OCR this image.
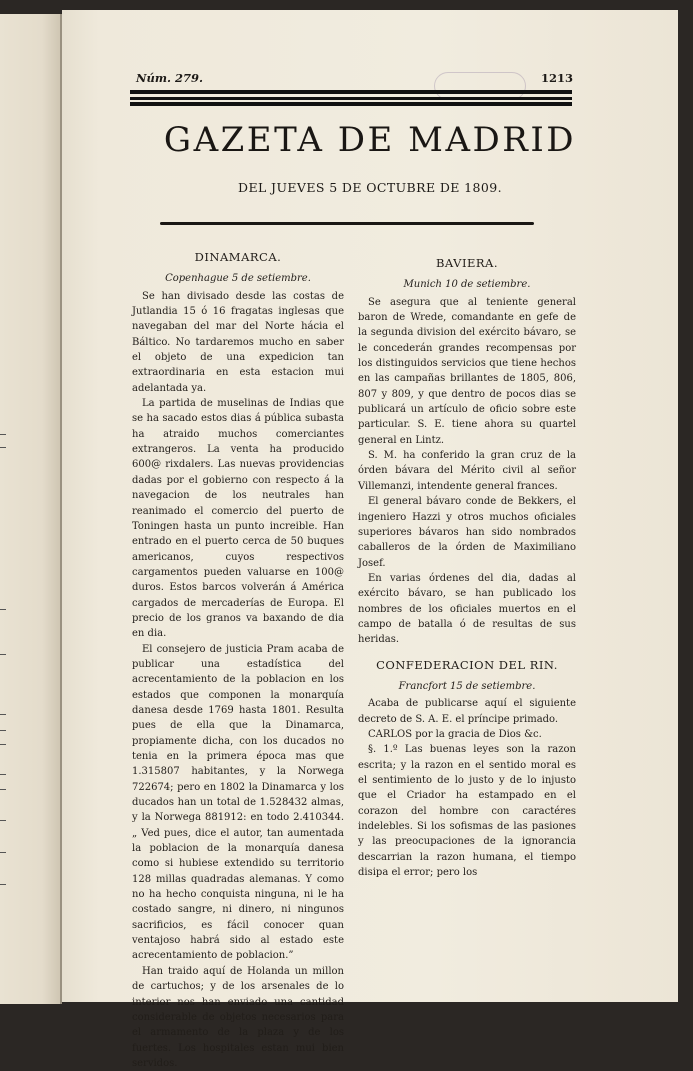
Núm. 279.	1213
GAZETA DE MADRID
DEL JUEVES 5 DE OCTUBRE DE 1809.
DINAMARCA.
Copenhague 5 de setiembre.

Se han divisado desde las costas de Jutlandia 15 ó 16 fragatas inglesas que navegaban del mar del Norte hácia el Báltico. No tardaremos mucho en saber el objeto de una expedicion tan extraordinaria en esta estacion mui adelantada ya.

La partida de muselinas de Indias que se ha sacado estos dias á pública subasta ha atraido muchos comerciantes extrangeros. La venta ha producido 600@ rixdalers. Las nuevas providencias dadas por el gobierno con respecto á la navegacion de los neutrales han reanimado el comercio del puerto de Toningen hasta un punto increible. Han entrado en el puerto cerca de 50 buques americanos, cuyos respectivos cargamentos pueden valuarse en 100@ duros. Estos barcos volverán á América cargados de mercaderías de Europa. El precio de los granos va baxando de dia en dia.

El consejero de justicia Pram acaba de publicar una estadística del acrecentamiento de la poblacion en los estados que componen la monarquía danesa desde 1769 hasta 1801. Resulta pues de ella que la Dinamarca, propiamente dicha, con los ducados no tenia en la primera época mas que 1.315807 habitantes, y la Norwega 722674; pero en 1802 la Dinamarca y los ducados han un total de 1.528432 almas, y la Norwega 881912: en todo 2.410344. „ Ved pues, dice el autor, tan aumentada la poblacion de la monarquía danesa como si hubiese extendido su territorio 128 millas quadradas alemanas. Y como no ha hecho conquista ninguna, ni le ha costado sangre, ni dinero, ni ningunos sacrificios, es fácil conocer quan ventajoso habrá sido al estado este acrecentamiento de poblacion.”

Han traido aquí de Holanda un millon de cartuchos; y de los arsenales de lo interior nos han enviado una cantidad considerable de objetos necesarios para el armamento de la plaza y de los fuertes. Los hospitales estan mui bien servidos.

BAVIERA.
Munich 10 de setiembre.

Se asegura que al teniente general baron de Wrede, comandante en gefe de la segunda division del exército bávaro, se le concederán grandes recompensas por los distinguidos servicios que tiene hechos en las campañas brillantes de 1805, 806, 807 y 809, y que dentro de pocos dias se publicará un artículo de oficio sobre este particular. S. E. tiene ahora su quartel general en Lintz.

S. M. ha conferido la gran cruz de la órden bávara del Mérito civil al señor Villemanzi, intendente general frances.

El general bávaro conde de Bekkers, el ingeniero Hazzi y otros muchos oficiales superiores bávaros han sido nombrados caballeros de la órden de Maximiliano Josef.

En varias órdenes del dia, dadas al exército bávaro, se han publicado los nombres de los oficiales muertos en el campo de batalla ó de resultas de sus heridas.

CONFEDERACION DEL RIN.
Francfort 15 de setiembre.

Acaba de publicarse aquí el siguiente decreto de S. A. E. el príncipe primado.

CARLOS por la gracia de Dios &c.

§. 1.º Las buenas leyes son la razon escrita; y la razon en el sentido moral es el sentimiento de lo justo y de lo injusto que el Criador ha estampado en el corazon del hombre con caractéres indelebles. Si los sofismas de las pasiones y las preocupaciones de la ignorancia descarrian la razon humana, el tiempo disipa el error; pero los
